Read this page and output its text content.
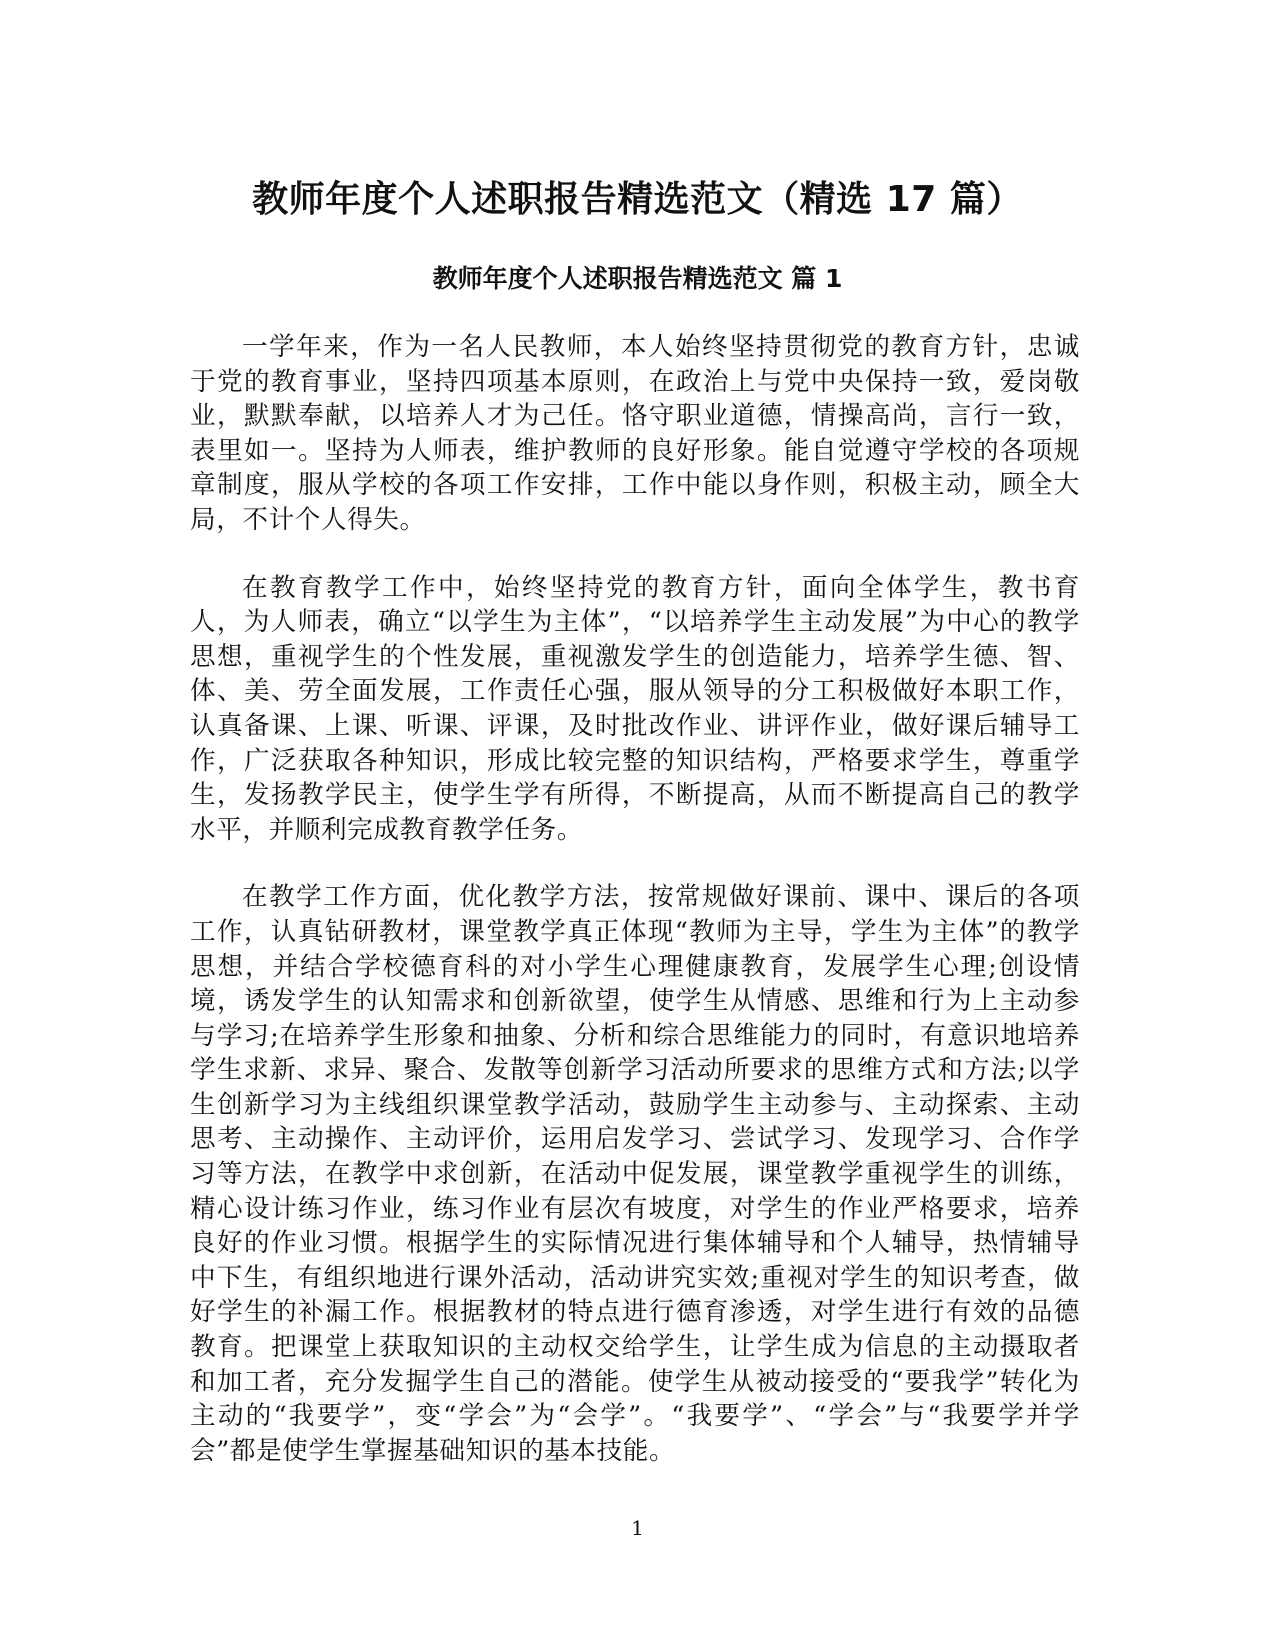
教师年度个人述职报告精选范文（精选 17 篇）
教师年度个人述职报告精选范文 篇 1

一学年来，作为一名人民教师，本人始终坚持贯彻党的教育方针，忠诚于党的教育事业，坚持四项基本原则，在政治上与党中央保持一致，爱岗敬业，默默奉献，以培养人才为己任。恪守职业道德，情操高尚，言行一致，表里如一。坚持为人师表，维护教师的良好形象。能自觉遵守学校的各项规章制度，服从学校的各项工作安排，工作中能以身作则，积极主动，顾全大局，不计个人得失。

在教育教学工作中，始终坚持党的教育方针，面向全体学生，教书育人，为人师表，确立“以学生为主体”，“以培养学生主动发展”为中心的教学思想，重视学生的个性发展，重视激发学生的创造能力，培养学生德、智、体、美、劳全面发展，工作责任心强，服从领导的分工积极做好本职工作，认真备课、上课、听课、评课，及时批改作业、讲评作业，做好课后辅导工作，广泛获取各种知识，形成比较完整的知识结构，严格要求学生，尊重学生，发扬教学民主，使学生学有所得，不断提高，从而不断提高自己的教学水平，并顺利完成教育教学任务。

在教学工作方面，优化教学方法，按常规做好课前、课中、课后的各项工作，认真钻研教材，课堂教学真正体现“教师为主导，学生为主体”的教学思想，并结合学校德育科的对小学生心理健康教育，发展学生心理;创设情境，诱发学生的认知需求和创新欲望，使学生从情感、思维和行为上主动参与学习;在培养学生形象和抽象、分析和综合思维能力的同时，有意识地培养学生求新、求异、聚合、发散等创新学习活动所要求的思维方式和方法;以学生创新学习为主线组织课堂教学活动，鼓励学生主动参与、主动探索、主动思考、主动操作、主动评价，运用启发学习、尝试学习、发现学习、合作学习等方法，在教学中求创新，在活动中促发展，课堂教学重视学生的训练，精心设计练习作业，练习作业有层次有坡度，对学生的作业严格要求，培养良好的作业习惯。根据学生的实际情况进行集体辅导和个人辅导，热情辅导中下生，有组织地进行课外活动，活动讲究实效;重视对学生的知识考查，做好学生的补漏工作。根据教材的特点进行德育渗透，对学生进行有效的品德教育。把课堂上获取知识的主动权交给学生，让学生成为信息的主动摄取者和加工者，充分发掘学生自己的潜能。使学生从被动接受的“要我学”转化为主动的“我要学”，变“学会”为“会学”。“我要学”、“学会”与“我要学并学会”都是使学生掌握基础知识的基本技能。

1
